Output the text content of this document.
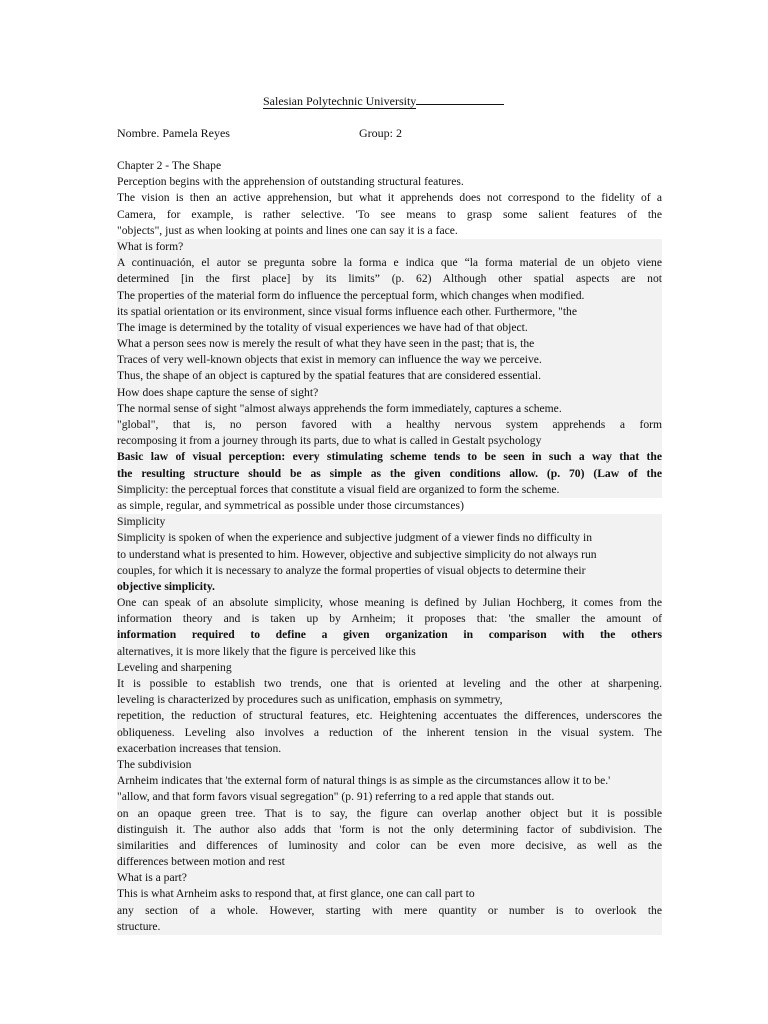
Salesian Polytechnic University
Nombre. Pamela Reyes	Group: 2
Chapter 2 - The Shape
Perception begins with the apprehension of outstanding structural features.
The vision is then an active apprehension, but what it apprehends does not correspond to the fidelity of a
Camera, for example, is rather selective. 'To see means to grasp some salient features of the
"objects", just as when looking at points and lines one can say it is a face.
What is form?
A continuación, el autor se pregunta sobre la forma e indica que “la forma material de un objeto viene
determined [in the first place] by its limits” (p. 62) Although other spatial aspects are not
The properties of the material form do influence the perceptual form, which changes when modified.
its spatial orientation or its environment, since visual forms influence each other. Furthermore, "the
The image is determined by the totality of visual experiences we have had of that object.
What a person sees now is merely the result of what they have seen in the past; that is, the
Traces of very well-known objects that exist in memory can influence the way we perceive.
Thus, the shape of an object is captured by the spatial features that are considered essential.
How does shape capture the sense of sight?
The normal sense of sight "almost always apprehends the form immediately, captures a scheme.
"global", that is, no person favored with a healthy nervous system apprehends a form
recomposing it from a journey through its parts, due to what is called in Gestalt psychology
Basic law of visual perception: every stimulating scheme tends to be seen in such a way that the
the resulting structure should be as simple as the given conditions allow. (p. 70) (Law of the
Simplicity: the perceptual forces that constitute a visual field are organized to form the scheme.
as simple, regular, and symmetrical as possible under those circumstances)
Simplicity
Simplicity is spoken of when the experience and subjective judgment of a viewer finds no difficulty in
to understand what is presented to him. However, objective and subjective simplicity do not always run
couples, for which it is necessary to analyze the formal properties of visual objects to determine their
objective simplicity.
One can speak of an absolute simplicity, whose meaning is defined by Julian Hochberg, it comes from the
information theory and is taken up by Arnheim; it proposes that: 'the smaller the amount of
information required to define a given organization in comparison with the others
alternatives, it is more likely that the figure is perceived like this
Leveling and sharpening
It is possible to establish two trends, one that is oriented at leveling and the other at sharpening.
leveling is characterized by procedures such as unification, emphasis on symmetry,
repetition, the reduction of structural features, etc. Heightening accentuates the differences, underscores the
obliqueness. Leveling also involves a reduction of the inherent tension in the visual system. The
exacerbation increases that tension.
The subdivision
Arnheim indicates that 'the external form of natural things is as simple as the circumstances allow it to be.'
"allow, and that form favors visual segregation" (p. 91) referring to a red apple that stands out.
on an opaque green tree. That is to say, the figure can overlap another object but it is possible
distinguish it. The author also adds that 'form is not the only determining factor of subdivision. The
similarities and differences of luminosity and color can be even more decisive, as well as the
differences between motion and rest
What is a part?
This is what Arnheim asks to respond that, at first glance, one can call part to
any section of a whole. However, starting with mere quantity or number is to overlook the
structure.
